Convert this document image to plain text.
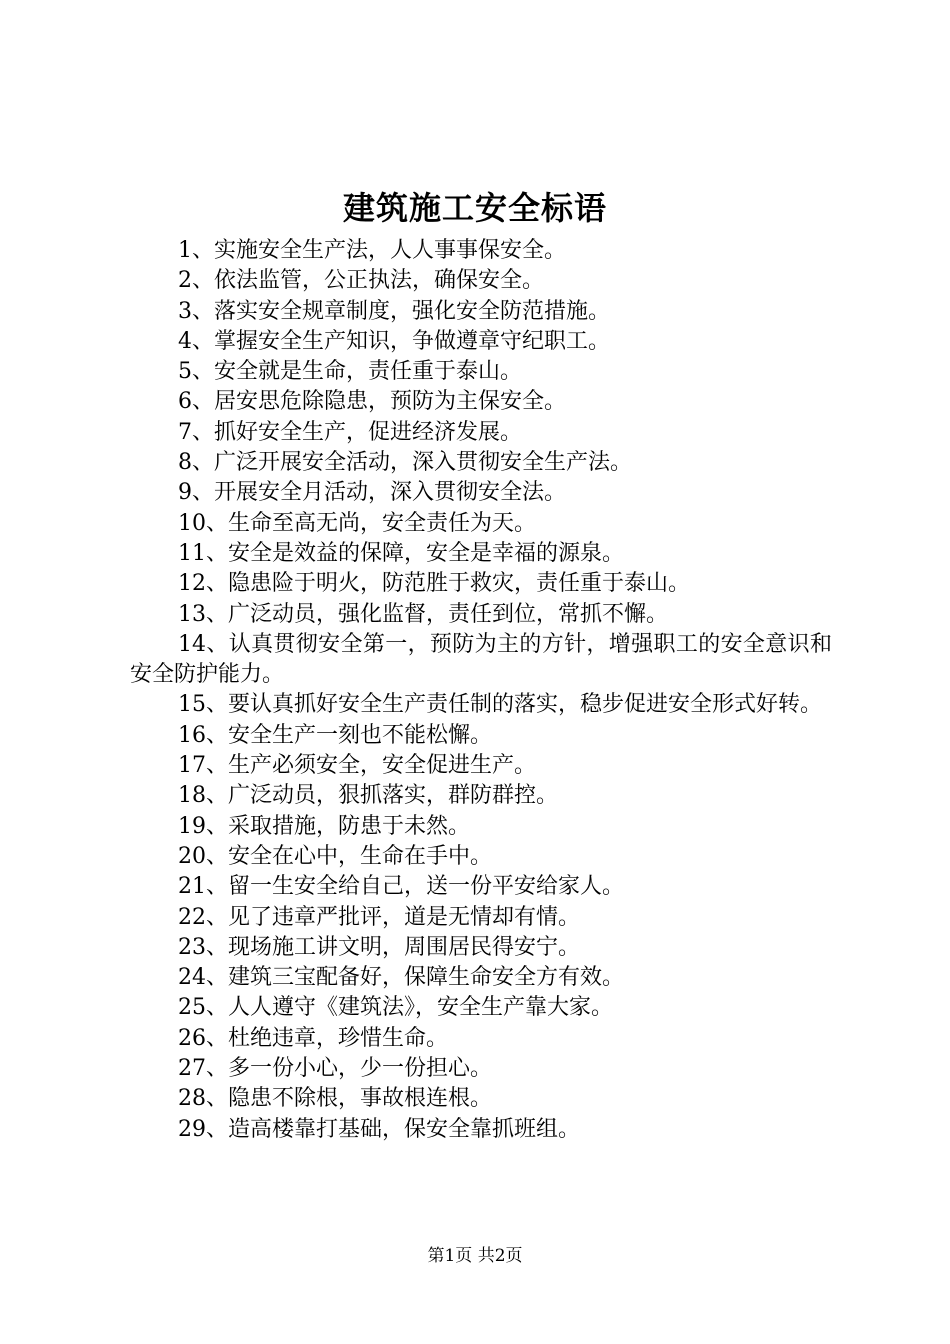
建筑施工安全标语

1、实施安全生产法，人人事事保安全。

2、依法监管，公正执法，确保安全。

3、落实安全规章制度，强化安全防范措施。

4、掌握安全生产知识，争做遵章守纪职工。

5、安全就是生命，责任重于泰山。

6、居安思危除隐患，预防为主保安全。

7、抓好安全生产，促进经济发展。

8、广泛开展安全活动，深入贯彻安全生产法。

9、开展安全月活动，深入贯彻安全法。

10、生命至高无尚，安全责任为天。

11、安全是效益的保障，安全是幸福的源泉。

12、隐患险于明火，防范胜于救灾，责任重于泰山。

13、广泛动员，强化监督，责任到位，常抓不懈。

14、认真贯彻安全第一，预防为主的方针，增强职工的安全意识和安全防护能力。

15、要认真抓好安全生产责任制的落实，稳步促进安全形式好转。

16、安全生产一刻也不能松懈。

17、生产必须安全，安全促进生产。

18、广泛动员，狠抓落实，群防群控。

19、采取措施，防患于未然。

20、安全在心中，生命在手中。

21、留一生安全给自己，送一份平安给家人。

22、见了违章严批评，道是无情却有情。

23、现场施工讲文明，周围居民得安宁。

24、建筑三宝配备好，保障生命安全方有效。

25、人人遵守《建筑法》，安全生产靠大家。

26、杜绝违章，珍惜生命。

27、多一份小心，少一份担心。

28、隐患不除根，事故根连根。

29、造高楼靠打基础，保安全靠抓班组。

第1页 共2页
